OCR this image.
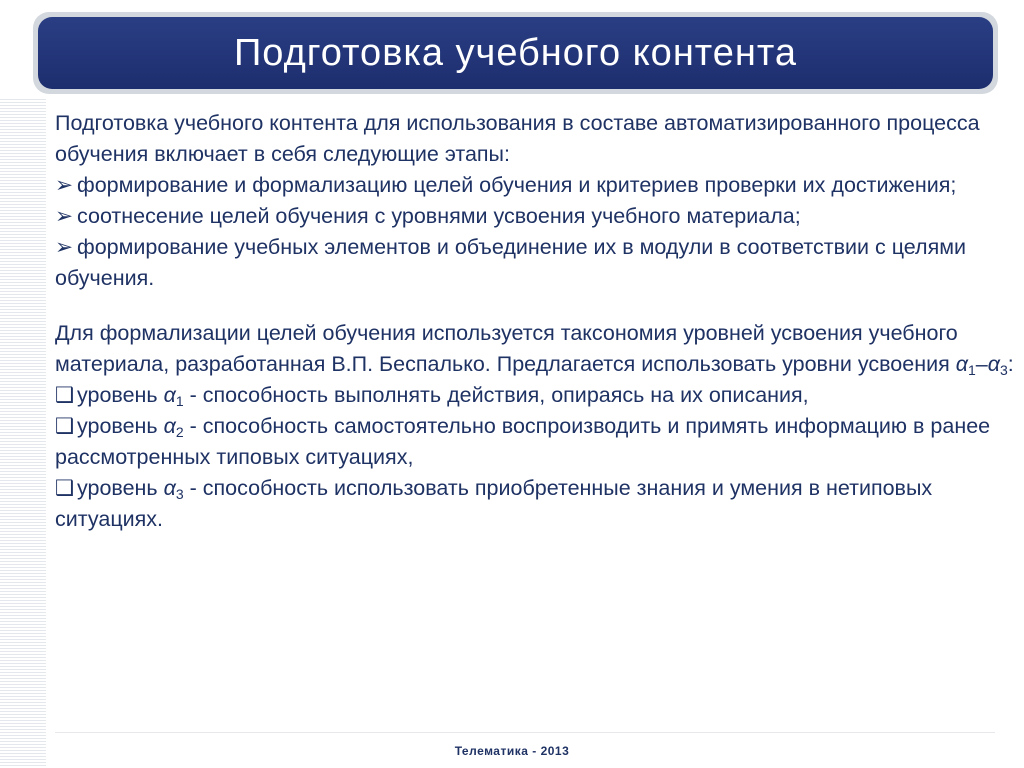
Подготовка учебного контента

Подготовка учебного контента для использования в составе автоматизированного процесса обучения включает в себя следующие этапы:

➢ формирование и формализацию целей обучения и критериев проверки их достижения;

➢ соотнесение целей обучения с уровнями усвоения учебного материала;

➢ формирование учебных элементов и объединение их в модули в соответствии с целями обучения.

Для формализации целей обучения используется таксономия уровней усвоения учебного материала, разработанная В.П. Беспалько. Предлагается использовать уровни усвоения $\alpha_1-\alpha_3$:

❑ уровень $\alpha_1$ - способность выполнять действия, опираясь на их описания,

❑ уровень $\alpha_2$ - способность самостоятельно воспроизводить и примять информацию в ранее рассмотренных типовых ситуациях,

❑ уровень $\alpha_3$ - способность использовать приобретенные знания и умения в нетиповых ситуациях.

Телематика - 2013
